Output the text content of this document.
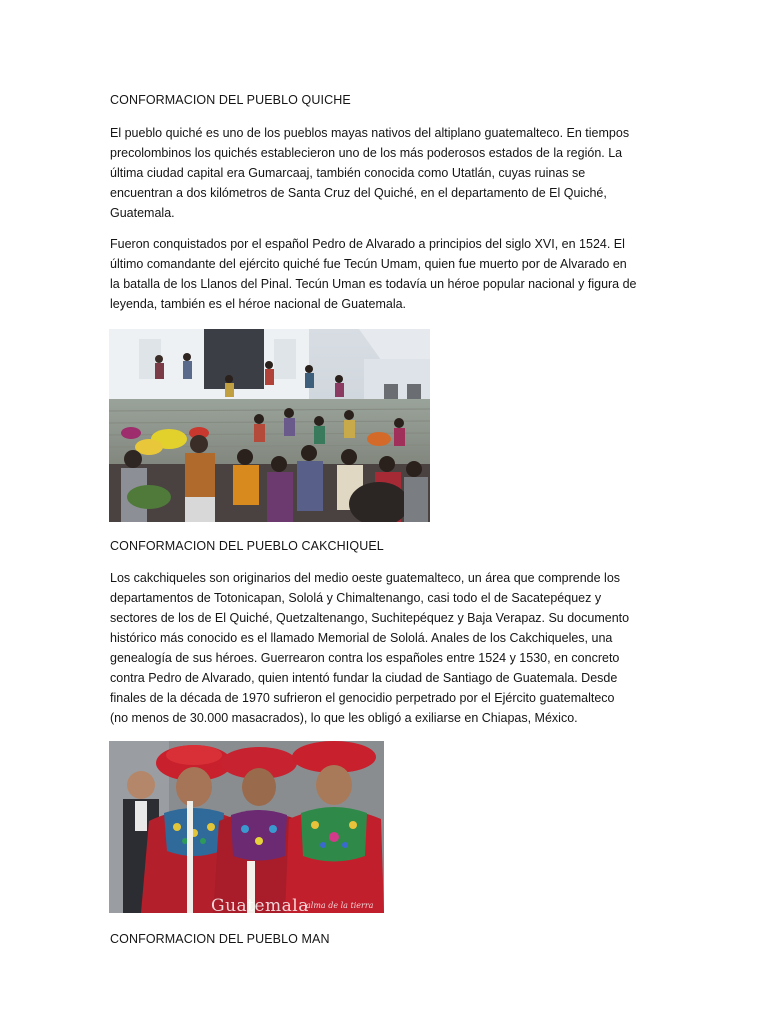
CONFORMACION DEL PUEBLO QUICHE
El pueblo quiché es uno de los pueblos mayas nativos del altiplano guatemalteco. En tiempos
precolombinos los quichés establecieron uno de los más poderosos estados de la región. La
última ciudad capital era Gumarcaaj, también conocida como Utatlán, cuyas ruinas se
encuentran a dos kilómetros de Santa Cruz del Quiché, en el departamento de El Quiché,
Guatemala.
Fueron conquistados por el español Pedro de Alvarado a principios del siglo XVI, en 1524. El
último comandante del ejército quiché fue Tecún Umam, quien fue muerto por de Alvarado en
la batalla de los Llanos del Pinal. Tecún Uman es todavía un héroe popular nacional y figura de
leyenda, también es el héroe nacional de Guatemala.
CONFORMACION DEL PUEBLO CAKCHIQUEL
Los cakchiqueles son originarios del medio oeste guatemalteco, un área que comprende los
departamentos de Totonicapan, Sololá y Chimaltenango, casi todo el de Sacatepéquez y
sectores de los de El Quiché, Quetzaltenango, Suchitepéquez y Baja Verapaz. Su documento
histórico más conocido es el llamado Memorial de Sololá. Anales de los Cakchiqueles, una
genealogía de sus héroes. Guerrearon contra los españoles entre 1524 y 1530, en concreto
contra Pedro de Alvarado, quien intentó fundar la ciudad de Santiago de Guatemala. Desde
finales de la década de 1970 sufrieron el genocidio perpetrado por el Ejército guatemalteco
(no menos de 30.000 masacrados), lo que les obligó a exiliarse en Chiapas, México.
Guatemala
alma de la tierra
CONFORMACION DEL PUEBLO MAN
